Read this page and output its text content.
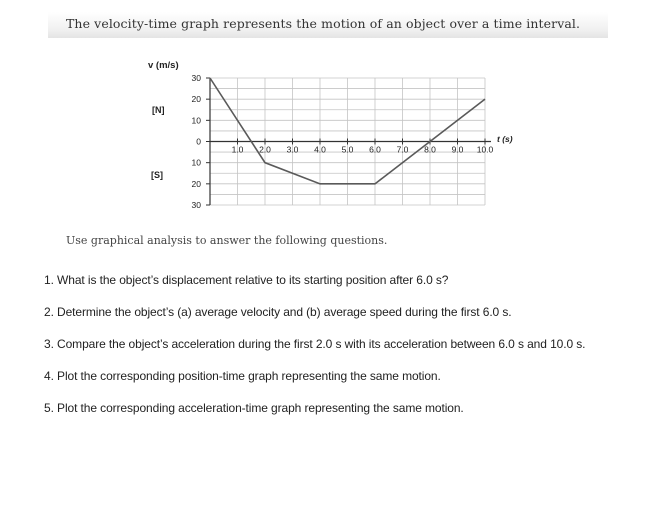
The velocity-time graph represents the motion of an object over a time interval.
30
20
10
0
10
20
30
1.0 2.0 3.0 4.0 5.0 6.0 7.0 8.0 9.0 10.0
v (m/s)
t (s)
[N]
[S]
Use graphical analysis to answer the following questions.
1. What is the object’s displacement relative to its starting position after 6.0 s?
2. Determine the object’s (a) average velocity and (b) average speed during the first 6.0 s.
3. Compare the object’s acceleration during the first 2.0 s with its acceleration between 6.0 s and 10.0 s.
4. Plot the corresponding position-time graph representing the same motion.
5. Plot the corresponding acceleration-time graph representing the same motion.
